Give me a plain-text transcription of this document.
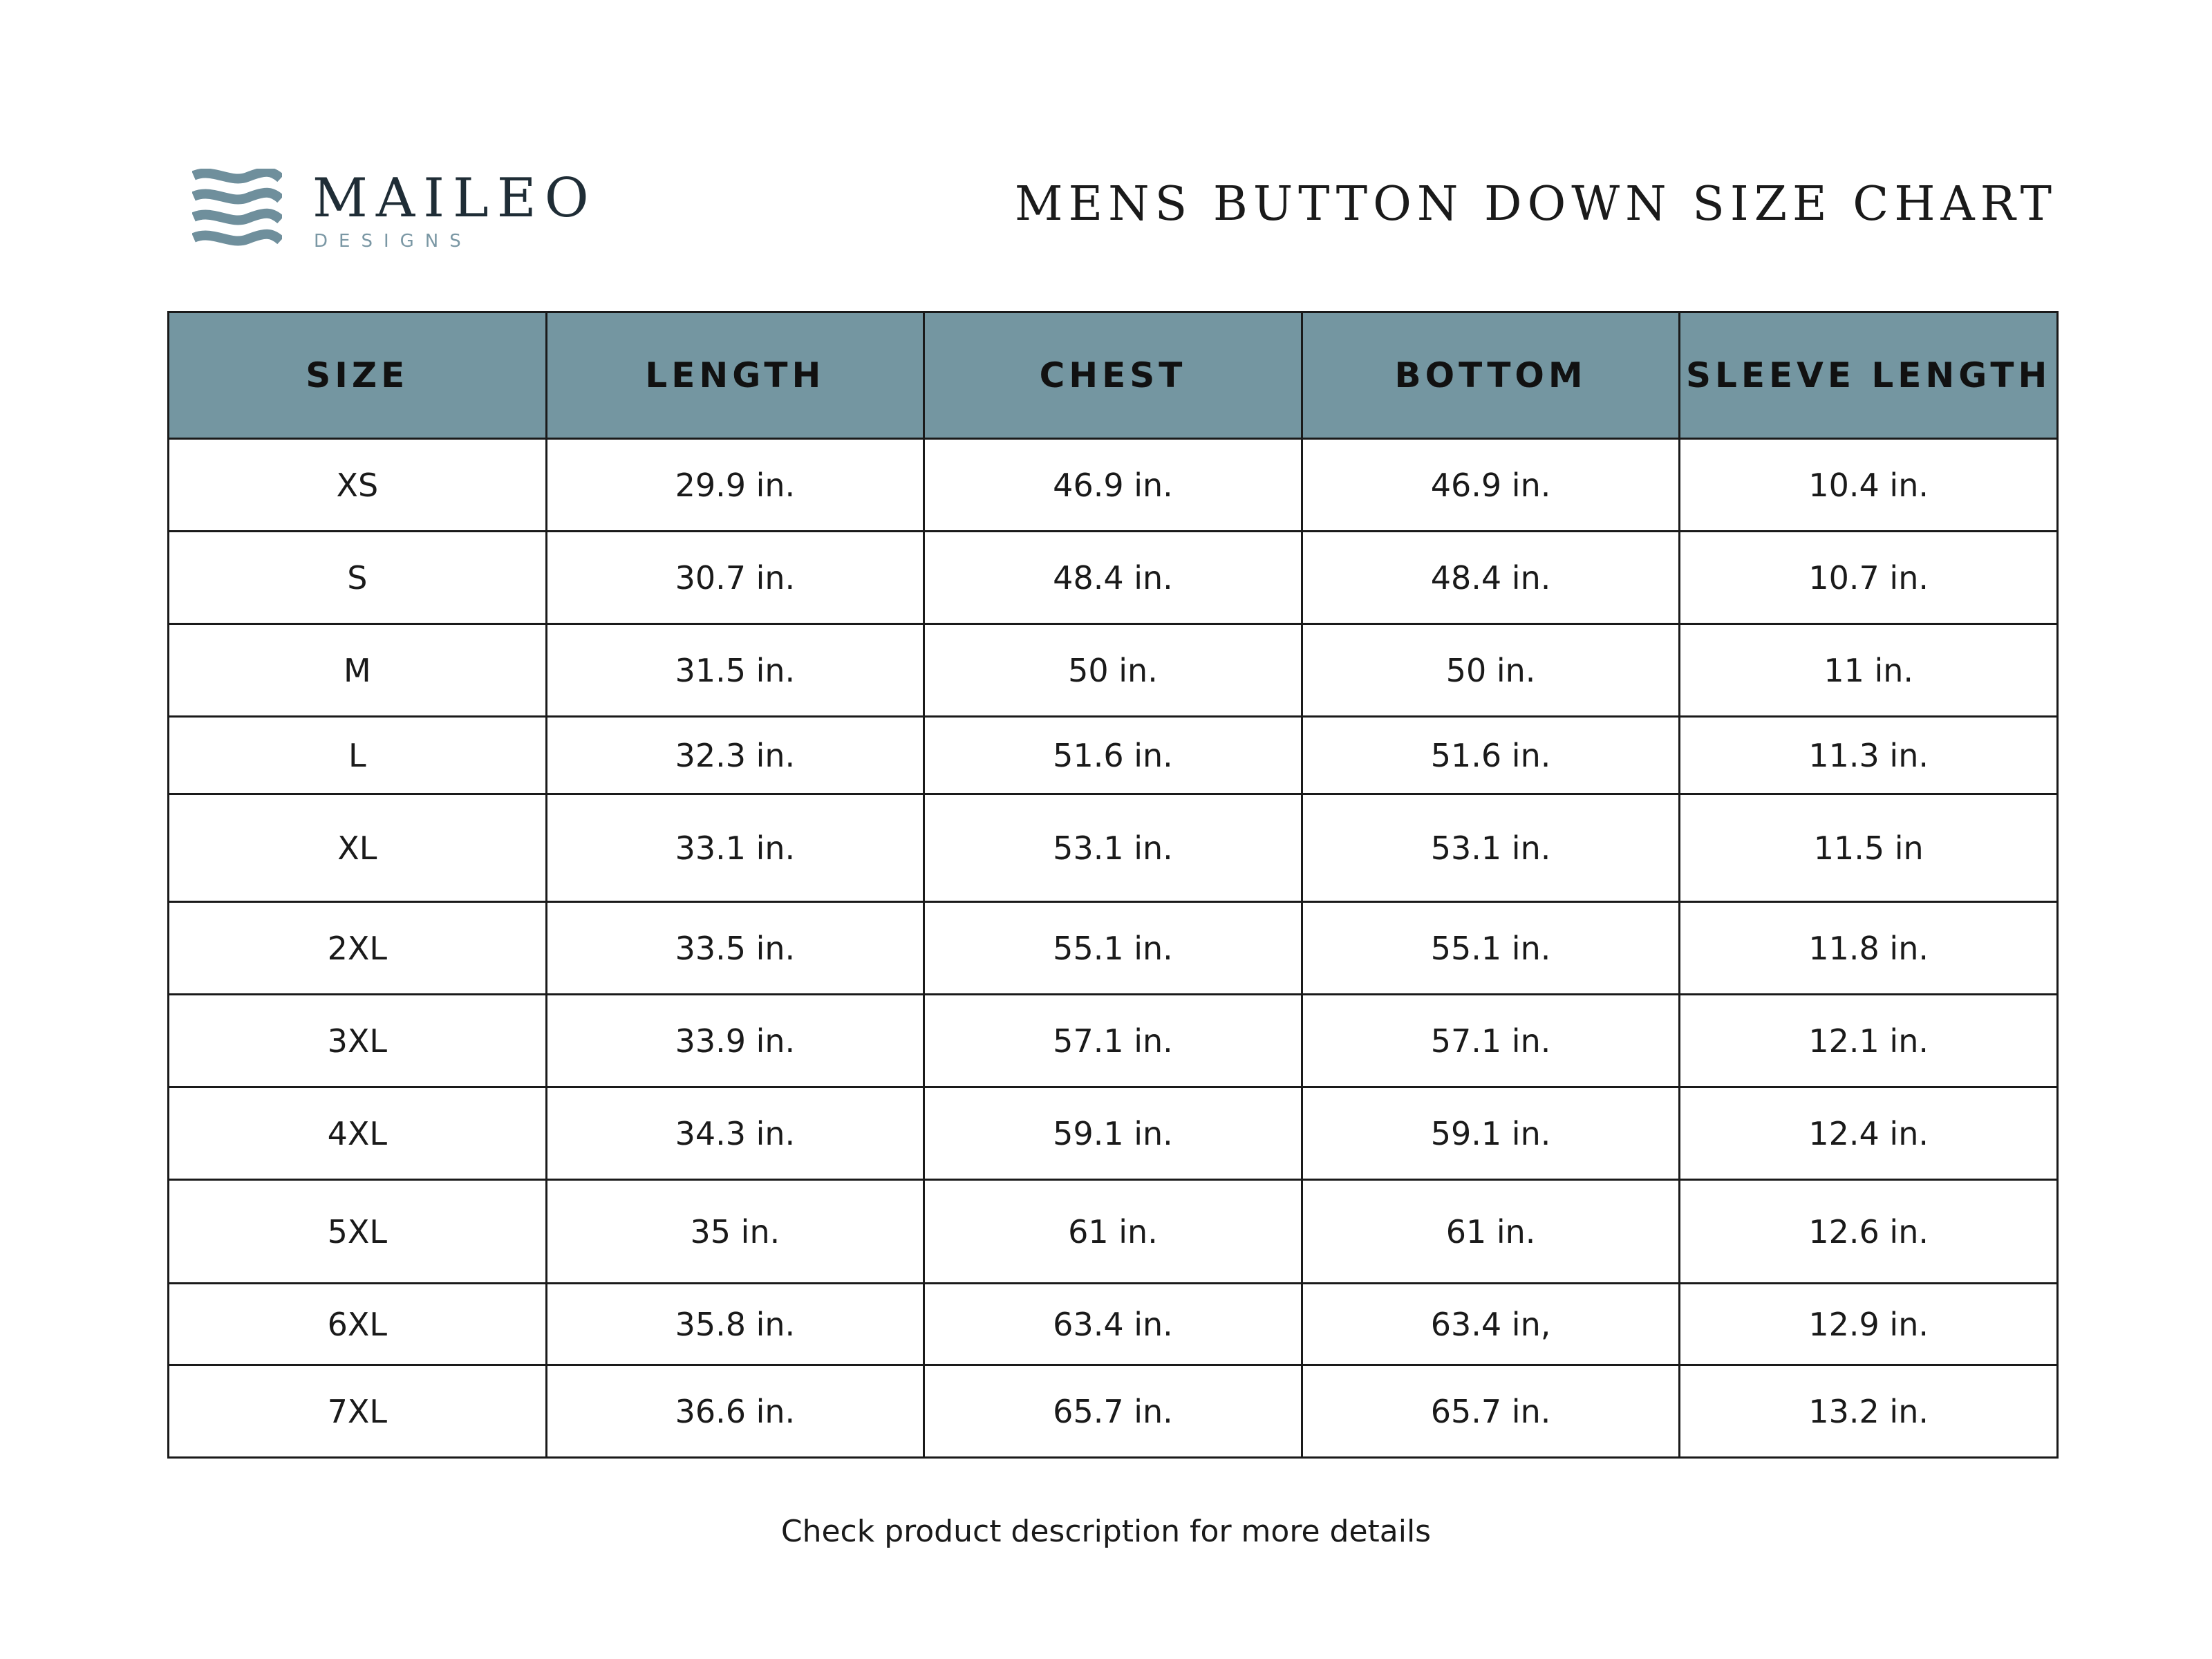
MAILEO
DESIGNS
MENS BUTTON DOWN SIZE CHART
SIZE	LENGTH	CHEST	BOTTOM	SLEEVE LENGTH
XS	29.9 in.	46.9 in.	46.9 in.	10.4 in.
S	30.7 in.	48.4 in.	48.4 in.	10.7 in.
M	31.5 in.	50 in.	50 in.	11 in.
L	32.3 in.	51.6 in.	51.6 in.	11.3 in.
XL	33.1 in.	53.1 in.	53.1 in.	11.5 in
2XL	33.5 in.	55.1 in.	55.1 in.	11.8 in.
3XL	33.9 in.	57.1 in.	57.1 in.	12.1 in.
4XL	34.3 in.	59.1 in.	59.1 in.	12.4 in.
5XL	35 in.	61 in.	61 in.	12.6 in.
6XL	35.8 in.	63.4 in.	63.4 in,	12.9 in.
7XL	36.6 in.	65.7 in.	65.7 in.	13.2 in.
Check product description for more details
